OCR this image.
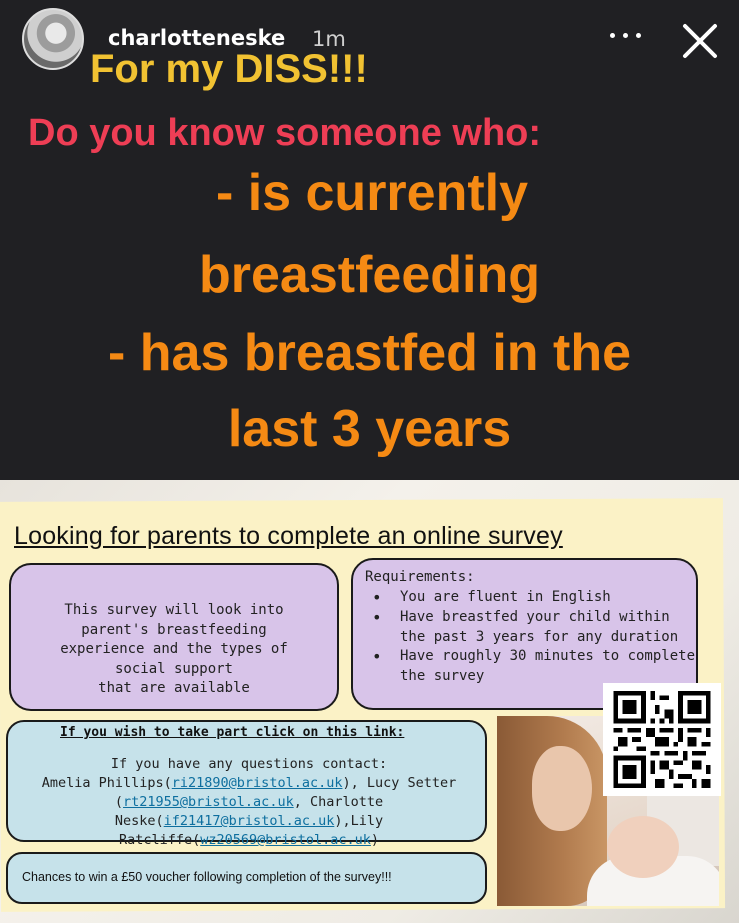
charlotteneske 1m
For my DISS!!!
Do you know someone who:
- is currently
breastfeeding
- has breastfed in the
last 3 years
Looking for parents to complete an online survey

This survey will look into
parent's breastfeeding
experience and the types of
social support
that are available

Requirements:
• You are fluent in English
• Have breastfed your child within the past 3 years for any duration
• Have roughly 30 minutes to complete the survey
If you wish to take part click on this link:
If you have any questions contact:
Amelia Phillips(ri21890@bristol.ac.uk), Lucy Setter
(rt21955@bristol.ac.uk, Charlotte
Neske(if21417@bristol.ac.uk),Lily
Ratcliffe(wz20569@bristol.ac.uk)
Chances to win a £50 voucher following completion of the survey!!!
